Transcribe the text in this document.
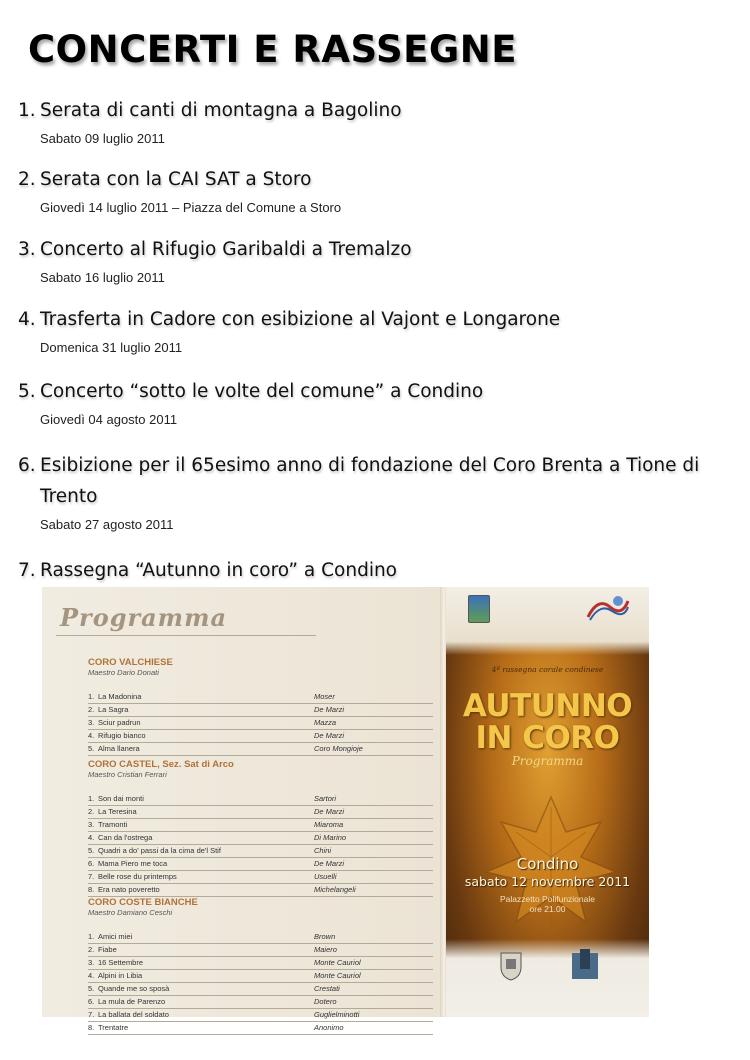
CONCERTI E RASSEGNE
1. Serata di canti di montagna a Bagolino
Sabato 09 luglio 2011
2. Serata con la CAI SAT a Storo
Giovedì 14 luglio 2011 – Piazza del Comune a Storo
3. Concerto al Rifugio Garibaldi a Tremalzo
Sabato 16 luglio 2011
4. Trasferta in Cadore con esibizione al Vajont e Longarone
Domenica 31 luglio 2011
5. Concerto “sotto le volte del comune” a Condino
Giovedì 04 agosto 2011
6. Esibizione per il 65esimo anno di fondazione del Coro Brenta a Tione di
Trento
Sabato 27 agosto 2011
7. Rassegna “Autunno in coro” a Condino
Programma
CORO VALCHIESE
Maestro Dario Donati
1. La Madonina	Moser
2. La Sagra	De Marzi
3. Sciur padrun	Mazza
4. Rifugio bianco	De Marzi
5. Alma llanera	Coro Mongioje
CORO CASTEL, Sez. Sat di Arco
Maestro Cristian Ferrari
1. Son dai monti	Sartori
2. La Teresina	De Marzi
3. Tramonti	Miaroma
4. Can da l'ostrega	Di Marino
5. Quadri a do' passi da la cima de'l Stif	Chini
6. Mama Piero me toca	De Marzi
7. Belle rose du printemps	Usuelli
8. Era nato poveretto	Michelangeli
CORO COSTE BIANCHE
Maestro Damiano Ceschi
1. Amici miei	Brown
2. Fiabe	Maiero
3. 16 Settembre	Monte Cauriol
4. Alpini in Libia	Monte Cauriol
5. Quande me so sposà	Crestati
6. La mula de Parenzo	Dotero
7. La ballata del soldato	Guglielminotti
8. Trentatre	Anonimo
4ª rassegna corale condinese
AUTUNNO
IN CORO
Programma
Condino
sabato 12 novembre 2011
Palazzetto Polifunzionale
ore 21.00
